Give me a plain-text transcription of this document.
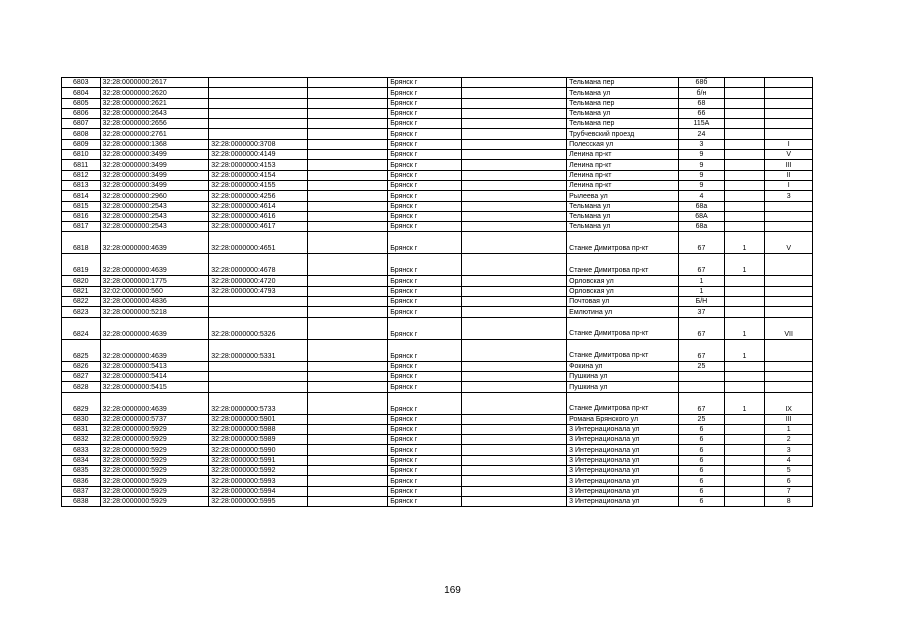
6803	32:28:0000000:2617			Брянск г		Тельмана пер	68б		
6804	32:28:0000000:2620			Брянск г		Тельмана ул	б/н		
6805	32:28:0000000:2621			Брянск г		Тельмана пер	68		
6806	32:28:0000000:2643			Брянск г		Тельмана ул	66		
6807	32:28:0000000:2656			Брянск г		Тельмана пер	115А		
6808	32:28:0000000:2761			Брянск г		Трубчевский проезд	24		
6809	32:28:0000000:1368	32:28:0000000:3708		Брянск г		Полесская ул	3		I
6810	32:28:0000000:3499	32:28:0000000:4149		Брянск г		Ленина пр-кт	9		V
6811	32:28:0000000:3499	32:28:0000000:4153		Брянск г		Ленина пр-кт	9		III
6812	32:28:0000000:3499	32:28:0000000:4154		Брянск г		Ленина пр-кт	9		II
6813	32:28:0000000:3499	32:28:0000000:4155		Брянск г		Ленина пр-кт	9		I
6814	32:28:0000000:2960	32:28:0000000:4256		Брянск г		Рылеева ул	4		3
6815	32:28:0000000:2543	32:28:0000000:4614		Брянск г		Тельмана ул	68а		
6816	32:28:0000000:2543	32:28:0000000:4616		Брянск г		Тельмана ул	68А		
6817	32:28:0000000:2543	32:28:0000000:4617		Брянск г		Тельмана ул	68а		
6818	32:28:0000000:4639	32:28:0000000:4651		Брянск г		Станке Димитрова пр-кт	67	1	V
6819	32:28:0000000:4639	32:28:0000000:4678		Брянск г		Станке Димитрова пр-кт	67	1	
6820	32:28:0000000:1775	32:28:0000000:4720		Брянск г		Орловская ул	1		
6821	32:02:0000000:560	32:28:0000000:4793		Брянск г		Орловская ул	1		
6822	32:28:0000000:4836			Брянск г		Почтовая ул	Б/Н		
6823	32:28:0000000:5218			Брянск г		Емлютина ул	37		
6824	32:28:0000000:4639	32:28:0000000:5326		Брянск г		Станке Димитрова пр-кт	67	1	VII
6825	32:28:0000000:4639	32:28:0000000:5331		Брянск г		Станке Димитрова пр-кт	67	1	
6826	32:28:0000000:5413			Брянск г		Фокина ул	25		
6827	32:28:0000000:5414			Брянск г		Пушкина ул			
6828	32:28:0000000:5415			Брянск г		Пушкина ул			
6829	32:28:0000000:4639	32:28:0000000:5733		Брянск г		Станке Димитрова пр-кт	67	1	IX
6830	32:28:0000000:5737	32:28:0000000:5901		Брянск г		Романа Брянского ул	25		III
6831	32:28:0000000:5929	32:28:0000000:5988		Брянск г		3 Интернационала ул	6		1
6832	32:28:0000000:5929	32:28:0000000:5989		Брянск г		3 Интернационала ул	6		2
6833	32:28:0000000:5929	32:28:0000000:5990		Брянск г		3 Интернационала ул	6		3
6834	32:28:0000000:5929	32:28:0000000:5991		Брянск г		3 Интернационала ул	6		4
6835	32:28:0000000:5929	32:28:0000000:5992		Брянск г		3 Интернационала ул	6		5
6836	32:28:0000000:5929	32:28:0000000:5993		Брянск г		3 Интернационала ул	6		6
6837	32:28:0000000:5929	32:28:0000000:5994		Брянск г		3 Интернационала ул	6		7
6838	32:28:0000000:5929	32:28:0000000:5995		Брянск г		3 Интернационала ул	6		8
169
